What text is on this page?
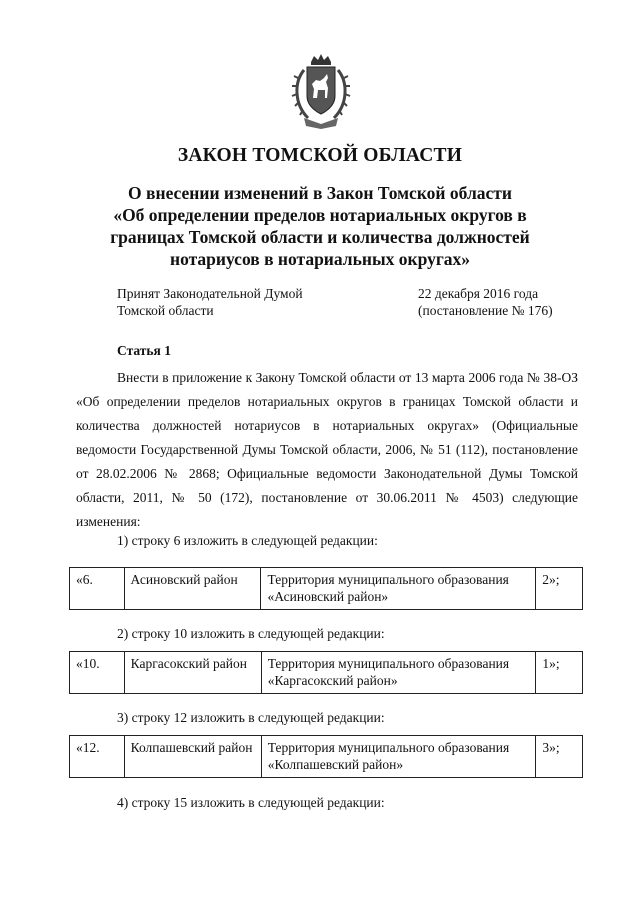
ЗАКОН ТОМСКОЙ ОБЛАСТИ
О внесении изменений в Закон Томской области
«Об определении пределов нотариальных округов в
границах Томской области и количества должностей
нотариусов в нотариальных округах»
Принят Законодательной Думой
Томской области
22 декабря 2016 года
(постановление № 176)
Статья 1

Внести в приложение к Закону Томской области от 13 марта 2006 года № 38-ОЗ «Об определении пределов нотариальных округов в границах Томской области и количества должностей нотариусов в нотариальных округах» (Официальные ведомости Государственной Думы Томской области, 2006, № 51 (112), постановление от 28.02.2006 № 2868; Официальные ведомости Законодательной Думы Томской области, 2011, № 50 (172), постановление от 30.06.2011 № 4503) следующие изменения:

1) строку 6 изложить в следующей редакции:
«6.	Асиновский район	Территория муниципального образования
«Асиновский район»
	2»;
2) строку 10 изложить в следующей редакции:
«10.	Каргасокский район	Территория муниципального образования
«Каргасокский район»
	1»;
3) строку 12 изложить в следующей редакции:
«12.	Колпашевский район	Территория муниципального образования
«Колпашевский район»
	3»;
4) строку 15 изложить в следующей редакции:
